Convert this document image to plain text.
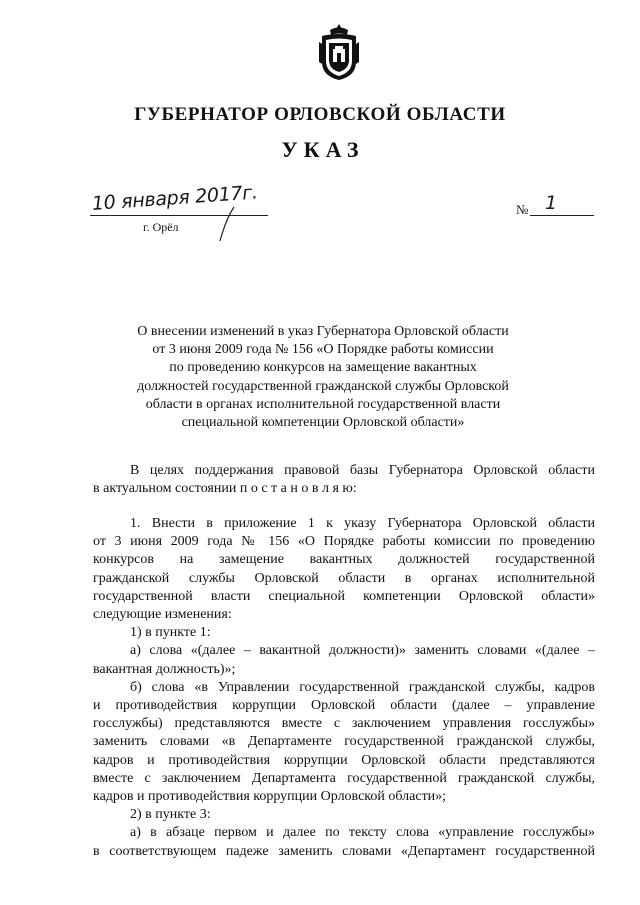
ГУБЕРНАТОР ОРЛОВСКОЙ ОБЛАСТИ
УКАЗ
10 января 2017г.
г. Орёл
№ 1
О внесении изменений в указ Губернатора Орловской области
от 3 июня 2009 года № 156 «О Порядке работы комиссии
по проведению конкурсов на замещение вакантных
должностей государственной гражданской службы Орловской
области в органах исполнительной государственной власти
специальной компетенции Орловской области»
В целях поддержания правовой базы Губернатора Орловской области
в актуальном состоянии п о с т а н о в л я ю:
1. Внести в приложение 1 к указу Губернатора Орловской области
от 3 июня 2009 года № 156 «О Порядке работы комиссии по проведению
конкурсов на замещение вакантных должностей государственной
гражданской службы Орловской области в органах исполнительной
государственной власти специальной компетенции Орловской области»
следующие изменения:
1) в пункте 1:
а) слова «(далее – вакантной должности)» заменить словами «(далее –
вакантная должность)»;
б) слова «в Управлении государственной гражданской службы, кадров
и противодействия коррупции Орловской области (далее – управление
госслужбы) представляются вместе с заключением управления госслужбы»
заменить словами «в Департаменте государственной гражданской службы,
кадров и противодействия коррупции Орловской области представляются
вместе с заключением Департамента государственной гражданской службы,
кадров и противодействия коррупции Орловской области»;
2) в пункте 3:
а) в абзаце первом и далее по тексту слова «управление госслужбы»
в соответствующем падеже заменить словами «Департамент государственной
